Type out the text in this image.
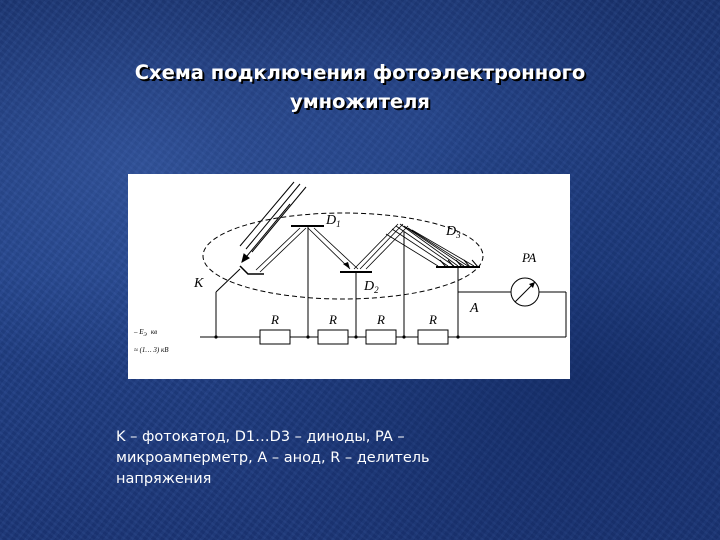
Схема подключения фотоэлектронного
умножителя
K
$D_1$
$D_2$
$D_3$
A
R	R	R	R
PA
– $E_Э$ кв
≈ (1… 3) кВ

K – фотокатод, D1…D3 – диноды, PA –
микроамперметр, A – анод, R – делитель
напряжения
